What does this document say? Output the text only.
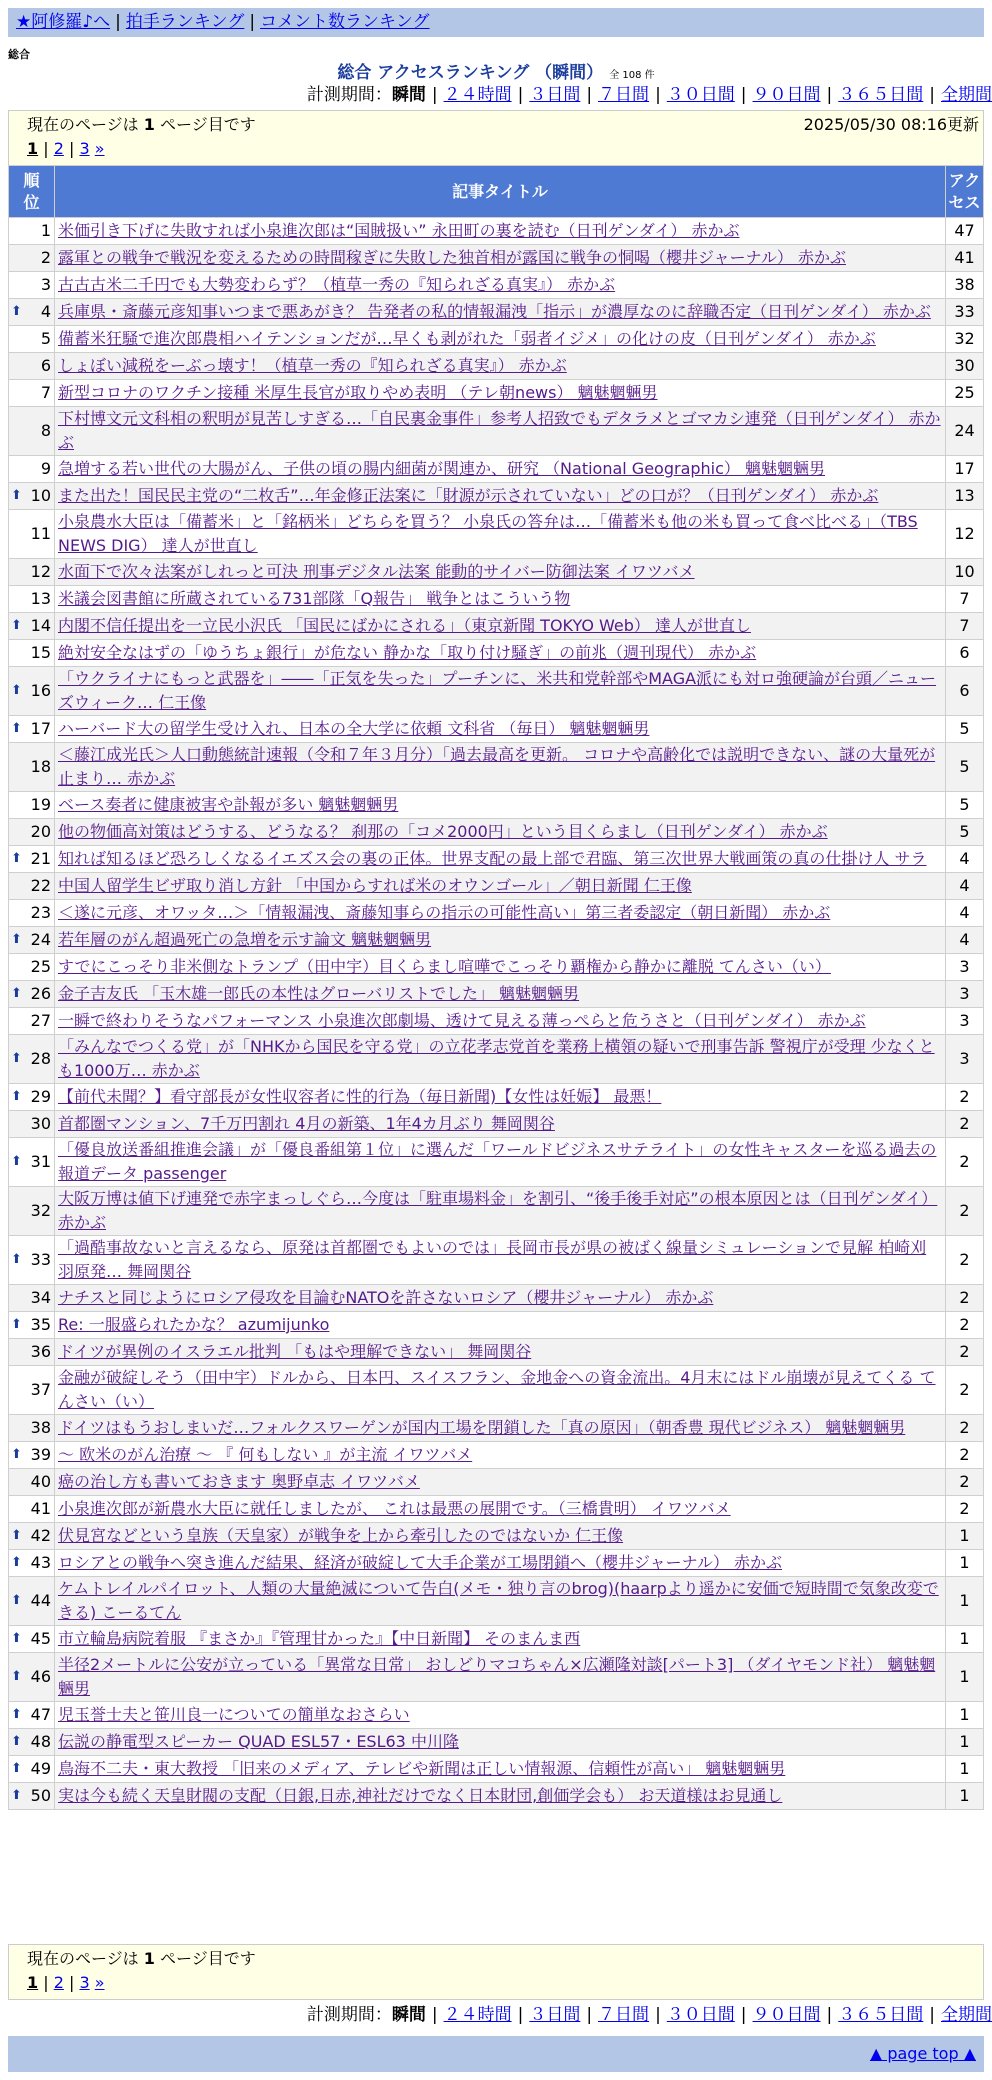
★阿修羅♪へ | 拍手ランキング | コメント数ランキング
総合
総合 アクセスランキング （瞬間） 全 108 件
計測期間：瞬間 | ２４時間 | ３日間 | ７日間 | ３０日間 | ９０日間 | ３６５日間 | 全期間
現在のページは 1 ページ目です	2025/05/30 08:16更新
1 | 2 | 3 »
順
位	記事タイトル	アク
セス
1	米価引き下げに失敗すれば小泉進次郎は“国賊扱い” 永田町の裏を読む（日刊ゲンダイ） 赤かぶ	47
2	露軍との戦争で戦況を変えるための時間稼ぎに失敗した独首相が露国に戦争の恫喝（櫻井ジャーナル） 赤かぶ	41
3	古古古米二千円でも大勢変わらず？（植草一秀の『知られざる真実』） 赤かぶ	38

⬆ 4	兵庫県・斎藤元彦知事いつまで悪あがき？ 告発者の私的情報漏洩「指示」が濃厚なのに辞職否定（日刊ゲンダイ） 赤かぶ	33
5	備蓄米狂騒で進次郎農相ハイテンションだが…早くも剥がれた「弱者イジメ」の化けの皮（日刊ゲンダイ） 赤かぶ	32
6	しょぼい減税をーぶっ壊す！（植草一秀の『知られざる真実』） 赤かぶ	30
7	新型コロナのワクチン接種 米厚生長官が取りやめ表明 （テレ朝news） 魑魅魍魎男	25
8	下村博文元文科相の釈明が見苦しすぎる…「自民裏金事件」参考人招致でもデタラメとゴマカシ連発（日刊ゲンダイ） 赤かぶ	24
9	急増する若い世代の大腸がん、子供の頃の腸内細菌が関連か、研究 （National Geographic） 魑魅魍魎男	17

⬆ 10	また出た！国民民主党の“二枚舌”…年金修正法案に「財源が示されていない」どの口が？（日刊ゲンダイ） 赤かぶ	13
11	小泉農水大臣は「備蓄米」と「銘柄米」どちらを買う？ 小泉氏の答弁は…「備蓄米も他の米も買って食べ比べる」（TBS NEWS DIG） 達人が世直し	12
12	水面下で次々法案がしれっと可決 刑事デジタル法案 能動的サイバー防御法案 イワツバメ	10
13	米議会図書館に所蔵されている731部隊「Q報告」 戦争とはこういう物	7

⬆ 14	内閣不信任提出を一立民小沢氏 「国民にばかにされる」（東京新聞 TOKYO Web） 達人が世直し	7
15	絶対安全なはずの「ゆうちょ銀行」が危ない 静かな「取り付け騒ぎ」の前兆（週刊現代） 赤かぶ	6

⬆ 16	「ウクライナにもっと武器を」――「正気を失った」プーチンに、米共和党幹部やMAGA派にも対ロ強硬論が台頭／ニューズウィーク… 仁王像	6

⬆ 17	ハーバード大の留学生受け入れ、日本の全大学に依頼 文科省 （毎日） 魑魅魍魎男	5
18	＜藤江成光氏＞人口動態統計速報（令和７年３月分）「過去最高を更新。 コロナや高齢化では説明できない、謎の大量死が止まり… 赤かぶ	5
19	ベース奏者に健康被害や訃報が多い 魑魅魍魎男	5
20	他の物価高対策はどうする、どうなる？ 刹那の「コメ2000円」という目くらまし（日刊ゲンダイ） 赤かぶ	5

⬆ 21	知れば知るほど恐ろしくなるイエズス会の裏の正体。世界支配の最上部で君臨、第三次世界大戦画策の真の仕掛け人 サラ	4
22	中国人留学生ビザ取り消し方針 「中国からすれば米のオウンゴール」／朝日新聞 仁王像	4
23	＜遂に元彦、オワッタ…＞「情報漏洩、斎藤知事らの指示の可能性高い」第三者委認定（朝日新聞） 赤かぶ	4

⬆ 24	若年層のがん超過死亡の急増を示す論文 魑魅魍魎男	4
25	すでにこっそり非米側なトランプ（田中宇）目くらまし喧嘩でこっそり覇権から静かに離脱 てんさい（い）	3

⬆ 26	金子吉友氏 「玉木雄一郎氏の本性はグローバリストでした」 魑魅魍魎男	3
27	一瞬で終わりそうなパフォーマンス 小泉進次郎劇場、透けて見える薄っぺらと危うさと（日刊ゲンダイ） 赤かぶ	3

⬆ 28	「みんなでつくる党」が「NHKから国民を守る党」の立花孝志党首を業務上横領の疑いで刑事告訴 警視庁が受理 少なくとも1000万… 赤かぶ	3

⬆ 29	【前代未聞？】看守部長が女性収容者に性的行為（毎日新聞)【女性は妊娠】 最悪！	2
30	首都圏マンション、7千万円割れ 4月の新築、1年4カ月ぶり 舞岡関谷	2

⬆ 31	「優良放送番組推進会議」が「優良番組第１位」に選んだ「ワールドビジネスサテライト」の女性キャスターを巡る過去の報道データ passenger	2
32	大阪万博は値下げ連発で赤字まっしぐら…今度は「駐車場料金」を割引、“後手後手対応”の根本原因とは（日刊ゲンダイ） 赤かぶ	2

⬆ 33	「過酷事故ないと言えるなら、原発は首都圏でもよいのでは」長岡市長が県の被ばく線量シミュレーションで見解 柏崎刈羽原発… 舞岡関谷	2
34	ナチスと同じようにロシア侵攻を目論むNATOを許さないロシア（櫻井ジャーナル） 赤かぶ	2

⬆ 35	Re: 一服盛られたかな？ azumijunko	2
36	ドイツが異例のイスラエル批判 「もはや理解できない」 舞岡関谷	2
37	金融が破綻しそう（田中宇）ドルから、日本円、スイスフラン、金地金への資金流出。4月末にはドル崩壊が見えてくる てんさい（い）	2
38	ドイツはもうおしまいだ…フォルクスワーゲンが国内工場を閉鎖した「真の原因」（朝香豊 現代ビジネス） 魑魅魍魎男	2

⬆ 39	～ 欧米のがん治療 ～ 『 何もしない 』が主流 イワツバメ	2
40	癌の治し方も書いておきます 奥野卓志 イワツバメ	2
41	小泉進次郎が新農水大臣に就任しましたが、 これは最悪の展開です。（三橋貴明） イワツバメ	2

⬆ 42	伏見宮などという皇族（天皇家）が戦争を上から牽引したのではないか 仁王像	1

⬆ 43	ロシアとの戦争へ突き進んだ結果、経済が破綻して大手企業が工場閉鎖へ（櫻井ジャーナル） 赤かぶ	1

⬆ 44	ケムトレイルパイロット、人類の大量絶滅について告白(メモ・独り言のbrog)(haarpより遥かに安価で短時間で気象改変できる) こーるてん	1

⬆ 45	市立輪島病院着服 『まさか』『管理甘かった』【中日新聞】 そのまんま西	1

⬆ 46	半径2メートルに公安が立っている「異常な日常」 おしどりマコちゃん×広瀬隆対談[パート3] （ダイヤモンド社） 魑魅魍魎男	1

⬆ 47	児玉誉士夫と笹川良一についての簡単なおさらい	1

⬆ 48	伝説の静電型スピーカー QUAD ESL57・ESL63 中川隆	1

⬆ 49	鳥海不二夫・東大教授 「旧来のメディア、テレビや新聞は正しい情報源、信頼性が高い」 魑魅魍魎男	1

⬆ 50	実は今も続く天皇財閥の支配（日銀,日赤,神社だけでなく日本財団,創価学会も） お天道様はお見通し	1
現在のページは 1 ページ目です
1 | 2 | 3 »
計測期間：瞬間 | ２４時間 | ３日間 | ７日間 | ３０日間 | ９０日間 | ３６５日間 | 全期間
▲ page top ▲
